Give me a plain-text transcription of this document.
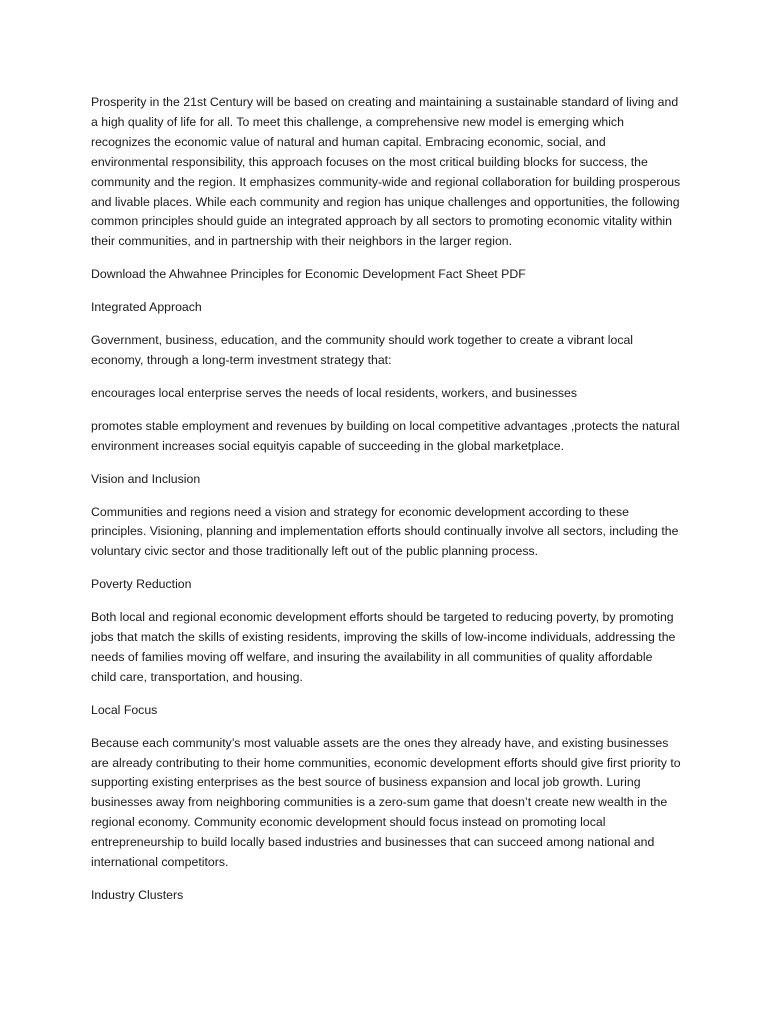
Prosperity in the 21st Century will be based on creating and maintaining a sustainable standard of living and a high quality of life for all. To meet this challenge, a comprehensive new model is emerging which recognizes the economic value of natural and human capital. Embracing economic, social, and environmental responsibility, this approach focuses on the most critical building blocks for success, the community and the region. It emphasizes community-wide and regional collaboration for building prosperous and livable places. While each community and region has unique challenges and opportunities, the following common principles should guide an integrated approach by all sectors to promoting economic vitality within their communities, and in partnership with their neighbors in the larger region.

Download the Ahwahnee Principles for Economic Development Fact Sheet PDF

Integrated Approach

Government, business, education, and the community should work together to create a vibrant local economy, through a long-term investment strategy that:

encourages local enterprise serves the needs of local residents, workers, and businesses

promotes stable employment and revenues by building on local competitive advantages ,protects the natural environment increases social equityis capable of succeeding in the global marketplace.

Vision and Inclusion

Communities and regions need a vision and strategy for economic development according to these principles. Visioning, planning and implementation efforts should continually involve all sectors, including the voluntary civic sector and those traditionally left out of the public planning process.

Poverty Reduction

Both local and regional economic development efforts should be targeted to reducing poverty, by promoting jobs that match the skills of existing residents, improving the skills of low-income individuals, addressing the needs of families moving off welfare, and insuring the availability in all communities of quality affordable child care, transportation, and housing.

Local Focus

Because each community’s most valuable assets are the ones they already have, and existing businesses are already contributing to their home communities, economic development efforts should give first priority to supporting existing enterprises as the best source of business expansion and local job growth. Luring businesses away from neighboring communities is a zero-sum game that doesn’t create new wealth in the regional economy. Community economic development should focus instead on promoting local entrepreneurship to build locally based industries and businesses that can succeed among national and international competitors.

Industry Clusters
